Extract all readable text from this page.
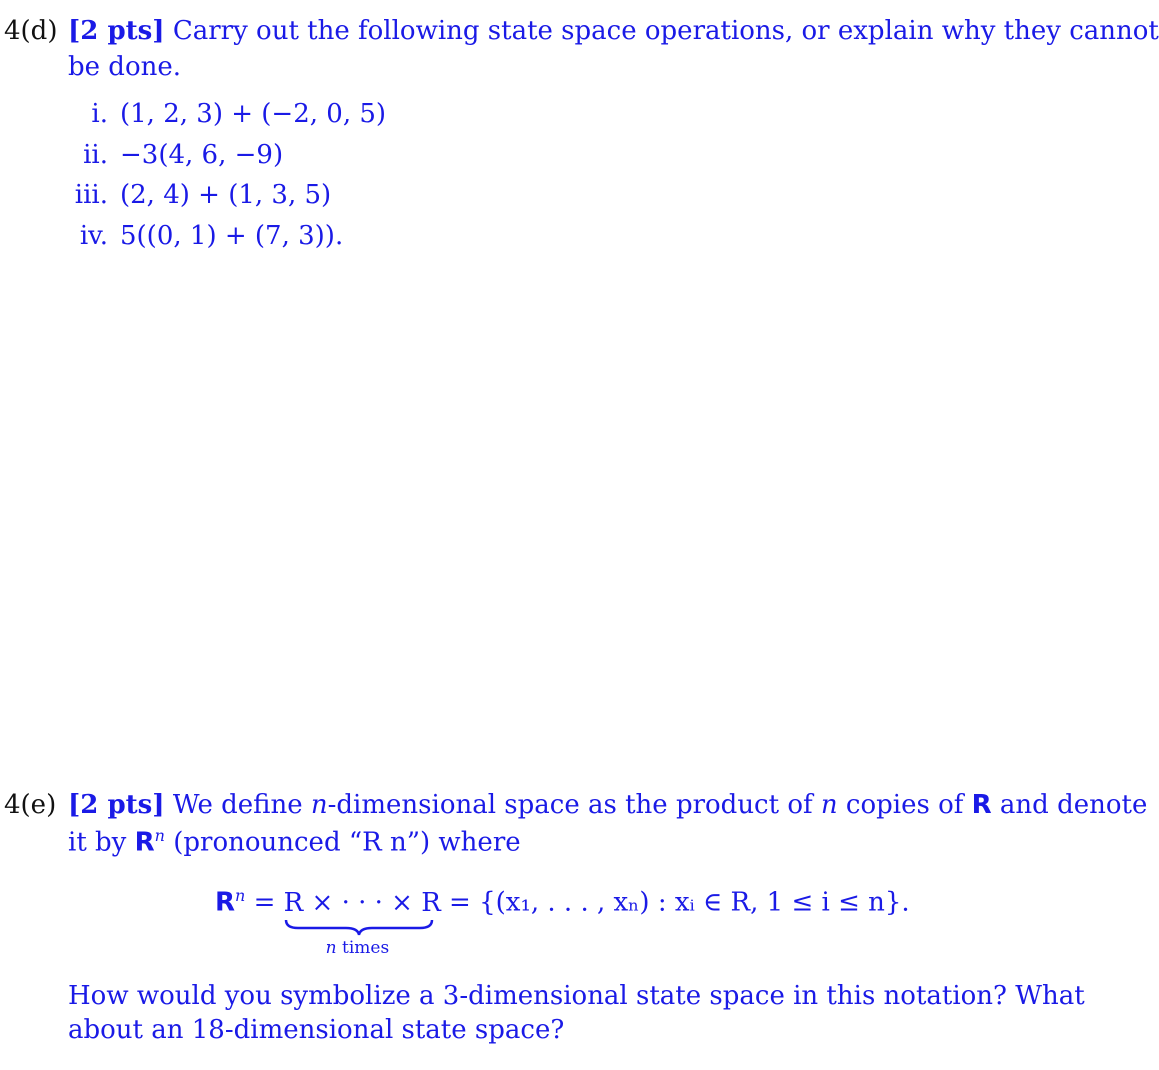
4(d) [2 pts] Carry out the following state space operations, or explain why they cannot
be done.
i. (1, 2, 3) + (−2, 0, 5)
ii. −3(4, 6, −9)
iii. (2, 4) + (1, 3, 5)
iv. 5((0, 1) + (7, 3)).
4(e) [2 pts] We define n-dimensional space as the product of n copies of R and denote
it by $R^n$ (pronounced “R n”) where
$R^n = R$ × · · · × R
n times
= {(x₁, . . . , xₙ) : xᵢ ∈ R, 1 ≤ i ≤ n}.
How would you symbolize a 3-dimensional state space in this notation? What
about an 18-dimensional state space?
